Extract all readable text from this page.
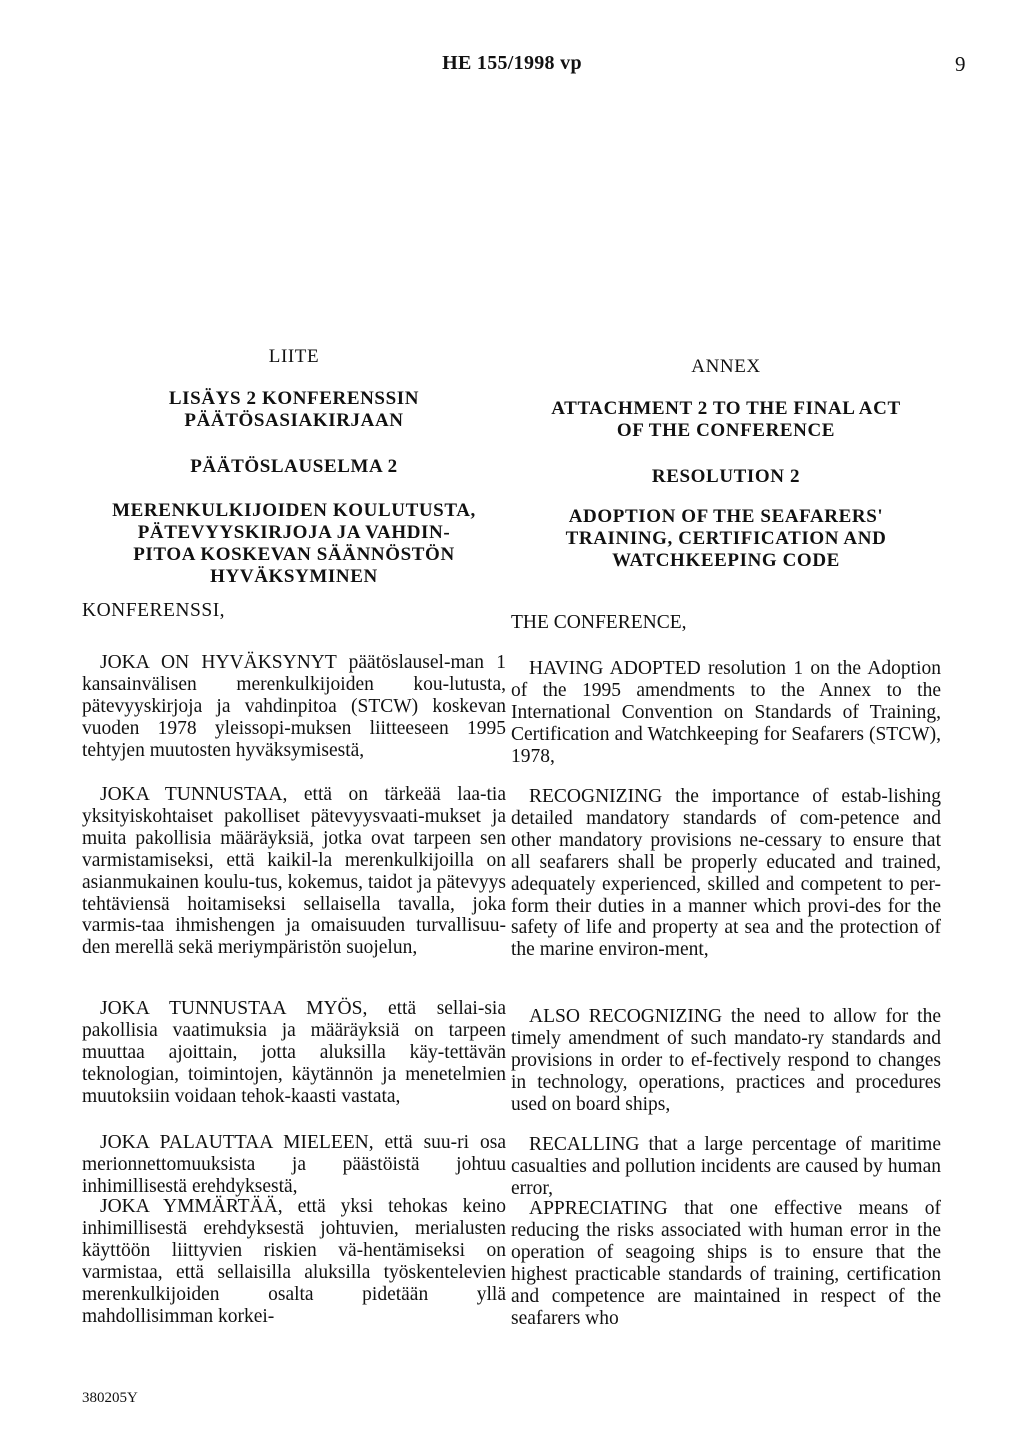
HE 155/1998 vp	9
LIITE
LISÄYS 2 KONFERENSSIN
PÄÄTÖSASIAKIRJAAN
PÄÄTÖSLAUSELMA 2
MERENKULKIJOIDEN KOULUTUSTA,
PÄTEVYYSKIRJOJA JA VAHDIN-
PITOA KOSKEVAN SÄÄNNÖSTÖN
HYVÄKSYMINEN
KONFERENSSI,

JOKA ON HYVÄKSYNYT päätöslausel-man 1 kansainvälisen merenkulkijoiden kou-lutusta, pätevyyskirjoja ja vahdinpitoa (STCW) koskevan vuoden 1978 yleissopi-muksen liitteeseen 1995 tehtyjen muutosten hyväksymisestä,

JOKA TUNNUSTAA, että on tärkeää laa-tia yksityiskohtaiset pakolliset pätevyysvaati-mukset ja muita pakollisia määräyksiä, jotka ovat tarpeen sen varmistamiseksi, että kaikil-la merenkulkijoilla on asianmukainen koulu-tus, kokemus, taidot ja pätevyys tehtäviensä hoitamiseksi sellaisella tavalla, joka varmis-taa ihmishengen ja omaisuuden turvallisuu-den merellä sekä meriympäristön suojelun,

JOKA TUNNUSTAA MYÖS, että sellai-sia pakollisia vaatimuksia ja määräyksiä on tarpeen muuttaa ajoittain, jotta aluksilla käy-tettävän teknologian, toimintojen, käytännön ja menetelmien muutoksiin voidaan tehok-kaasti vastata,

JOKA PALAUTTAA MIELEEN, että suu-ri osa merionnettomuuksista ja päästöistä johtuu inhimillisestä erehdyksestä,

JOKA YMMÄRTÄÄ, että yksi tehokas keino inhimillisestä erehdyksestä johtuvien, merialusten käyttöön liittyvien riskien vä-hentämiseksi on varmistaa, että sellaisilla aluksilla työskentelevien merenkulkijoiden osalta pidetään yllä mahdollisimman korkei-

ANNEX
ATTACHMENT 2 TO THE FINAL ACT
OF THE CONFERENCE
RESOLUTION 2
ADOPTION OF THE SEAFARERS'
TRAINING, CERTIFICATION AND
WATCHKEEPING CODE
THE CONFERENCE,

HAVING ADOPTED resolution 1 on the Adoption of the 1995 amendments to the Annex to the International Convention on Standards of Training, Certification and Watchkeeping for Seafarers (STCW), 1978,

RECOGNIZING the importance of estab-lishing detailed mandatory standards of com-petence and other mandatory provisions ne-cessary to ensure that all seafarers shall be properly educated and trained, adequately experienced, skilled and competent to per-form their duties in a manner which provi-des for the safety of life and property at sea and the protection of the marine environ-ment,

ALSO RECOGNIZING the need to allow for the timely amendment of such mandato-ry standards and provisions in order to ef-fectively respond to changes in technology, operations, practices and procedures used on board ships,

RECALLING that a large percentage of maritime casualties and pollution incidents are caused by human error,

APPRECIATING that one effective means of reducing the risks associated with human error in the operation of seagoing ships is to ensure that the highest practicable standards of training, certification and competence are maintained in respect of the seafarers who

380205Y
